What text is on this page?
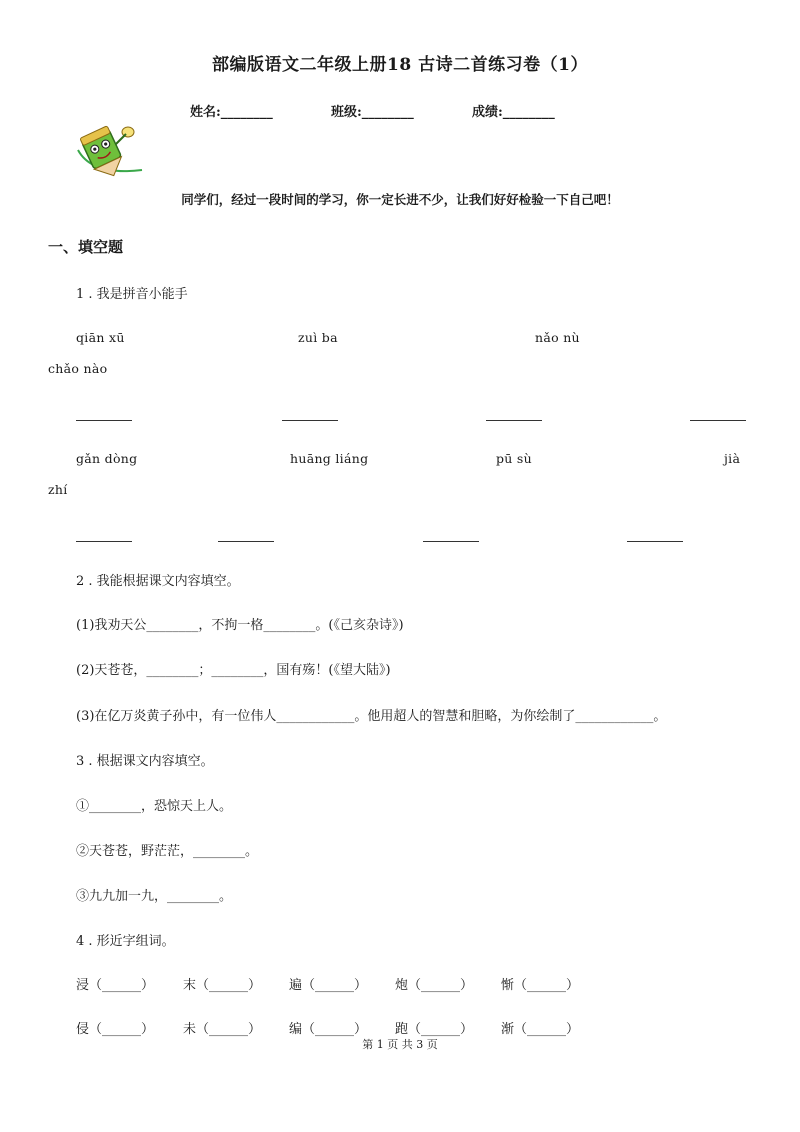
部编版语文二年级上册18 古诗二首练习卷（1）
姓名:________	班级:________	成绩:________
同学们，经过一段时间的学习，你一定长进不少，让我们好好检验一下自己吧！
一、填空题
1 . 我是拼音小能手
qiān xū	zuì ba	nǎo nù
chǎo nào
gǎn dòng	huāng liáng	pū sù	jià
zhí
2 . 我能根据课文内容填空。
(1)我劝天公________，不拘一格________。(《己亥杂诗》)
(2)天苍苍，________；________，国有殇！(《望大陆》)
(3)在亿万炎黄子孙中，有一位伟人____________。他用超人的智慧和胆略，为你绘制了____________。
3 . 根据课文内容填空。
①________，恐惊天上人。
②天苍苍，野茫茫，________。
③九九加一九，________。
4 . 形近字组词。
浸（______） 末（______） 遍（______） 炮（______） 惭（______）
侵（______） 未（______） 编（______） 跑（______） 渐（______）
第 1 页 共 3 页
